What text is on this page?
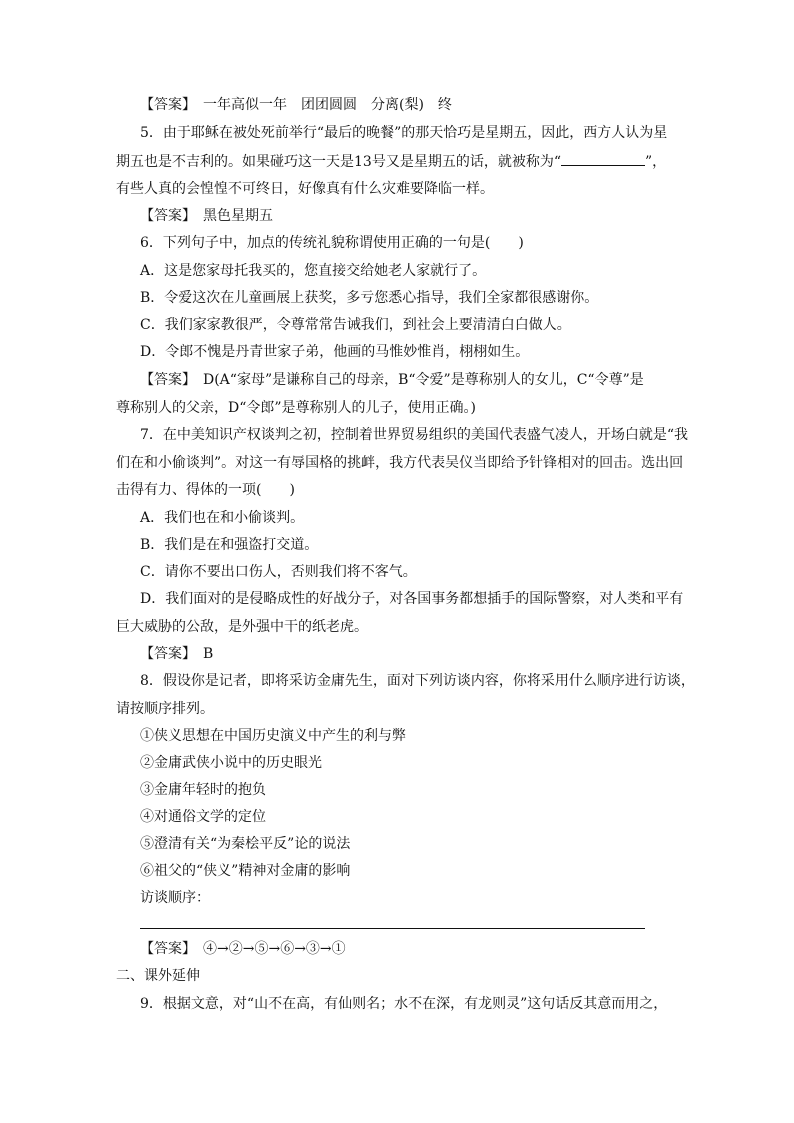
【答案】　一年高似一年　团团圆圆　分离(梨)　终
5．由于耶稣在被处死前举行“最后的晚餐”的那天恰巧是星期五，因此，西方人认为星
期五也是不吉利的。如果碰巧这一天是13号又是星期五的话，就被称为“	”，
有些人真的会惶惶不可终日，好像真有什么灾难要降临一样。
【答案】　黑色星期五
6．下列句子中，加点的传统礼貌称谓使用正确的一句是(　　)
A．这是您家母托我买的，您直接交给她老人家就行了。
B．令爱这次在儿童画展上获奖，多亏您悉心指导，我们全家都很感谢你。
C．我们家家教很严，令尊常常告诫我们，到社会上要清清白白做人。
D．令郎不愧是丹青世家子弟，他画的马惟妙惟肖，栩栩如生。
【答案】　D(A“家母”是谦称自己的母亲，B“令爱”是尊称别人的女儿，C“令尊”是
尊称别人的父亲，D“令郎”是尊称别人的儿子，使用正确。)
7．在中美知识产权谈判之初，控制着世界贸易组织的美国代表盛气凌人，开场白就是“我
们在和小偷谈判”。对这一有辱国格的挑衅，我方代表吴仪当即给予针锋相对的回击。选出回
击得有力、得体的一项(　　)
A．我们也在和小偷谈判。
B．我们是在和强盗打交道。
C．请你不要出口伤人，否则我们将不客气。
D．我们面对的是侵略成性的好战分子，对各国事务都想插手的国际警察，对人类和平有
巨大威胁的公敌，是外强中干的纸老虎。
【答案】　B
8．假设你是记者，即将采访金庸先生，面对下列访谈内容，你将采用什么顺序进行访谈，
请按顺序排列。
①侠义思想在中国历史演义中产生的利与弊
②金庸武侠小说中的历史眼光
③金庸年轻时的抱负
④对通俗文学的定位
⑤澄清有关“为秦桧平反”论的说法
⑥祖父的“侠义”精神对金庸的影响
访谈顺序：
【答案】　④→②→⑤→⑥→③→①
二、课外延伸
9．根据文意，对“山不在高，有仙则名；水不在深，有龙则灵”这句话反其意而用之，
